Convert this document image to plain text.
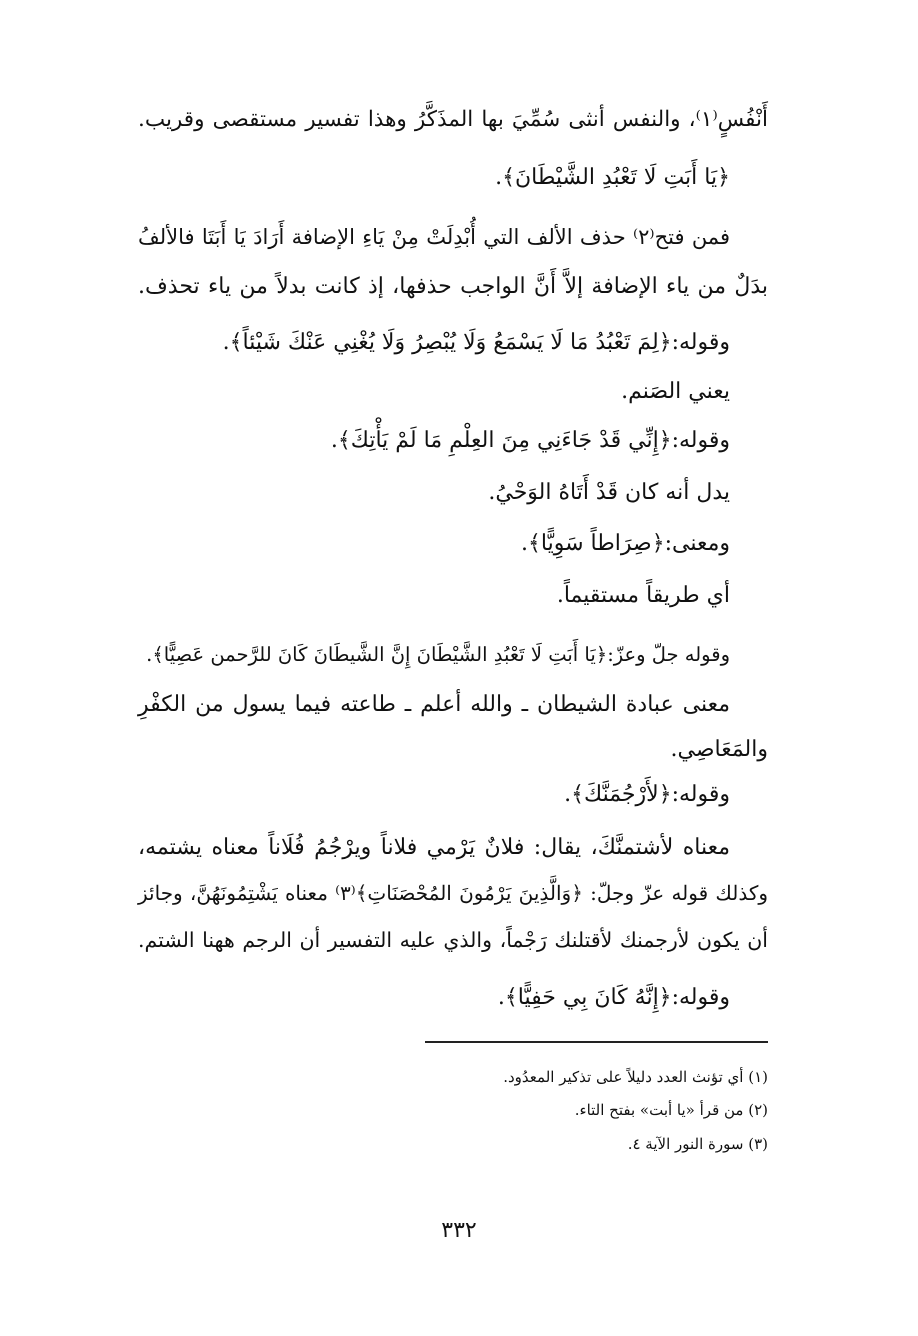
أَنْفُسٍ⁽١⁾، والنفس أنثى سُمِّيَ بها المذَكَّرُ وهذا تفسير مستقصى وقريب.
﴿يَا أَبَتِ لَا تَعْبُدِ الشَّيْطَانَ﴾.
فمن فتح⁽٢⁾ حذف الألف التي أُبْدِلَتْ مِنْ يَاءِ الإضافة أَرَادَ يَا أَبَتَا فالألفُ
بدَلٌ من ياء الإضافة إلاَّ أَنَّ الواجب حذفها، إذ كانت بدلاً من ياء تحذف.
وقوله:﴿لِمَ تَعْبُدُ مَا لَا يَسْمَعُ وَلَا يُبْصِرُ وَلَا يُغْنِي عَنْكَ شَيْئاً﴾.
يعني الصَنم.
وقوله:﴿إِنِّي قَدْ جَاءَنِي مِنَ العِلْمِ مَا لَمْ يَأْتِكَ﴾.
يدل أنه كان قَدْ أَتَاهُ الوَحْيُ.
ومعنى:﴿صِرَاطاً سَوِيًّا﴾.
أي طريقاً مستقيماً.
وقوله جلّ وعزّ:﴿يَا أَبَتِ لَا تَعْبُدِ الشَّيْطَانَ إِنَّ الشَّيطَانَ كَانَ للرَّحمن عَصِيًّا﴾.
معنى عبادة الشيطان ـ والله أعلم ـ طاعته فيما يسول من الكفْرِ
والمَعَاصِي.
وقوله:﴿لأَرْجُمَنَّكَ﴾.
معناه لأشتمنَّكَ، يقال: فلانٌ يَرْمي فلاناً ويرْجُمُ فُلَاناً معناه يشتمه،
وكذلك قوله عزّ وجلّ: ﴿وَالَّذِينَ يَرْمُونَ المُحْصَنَاتِ﴾⁽٣⁾ معناه يَشْتِمُونَهُنَّ، وجائز
أن يكون لأرجمنك لأقتلنك رَجْماً، والذي عليه التفسير أن الرجم ههنا الشتم.
وقوله:﴿إِنَّهُ كَانَ بِي حَفِيًّا﴾.
(١) أي تؤنث العدد دليلاً على تذكير المعدُود.
(٢) من قرأ «يا أبت» بفتح التاء.
(٣) سورة النور الآية ٤.
٣٣٢
